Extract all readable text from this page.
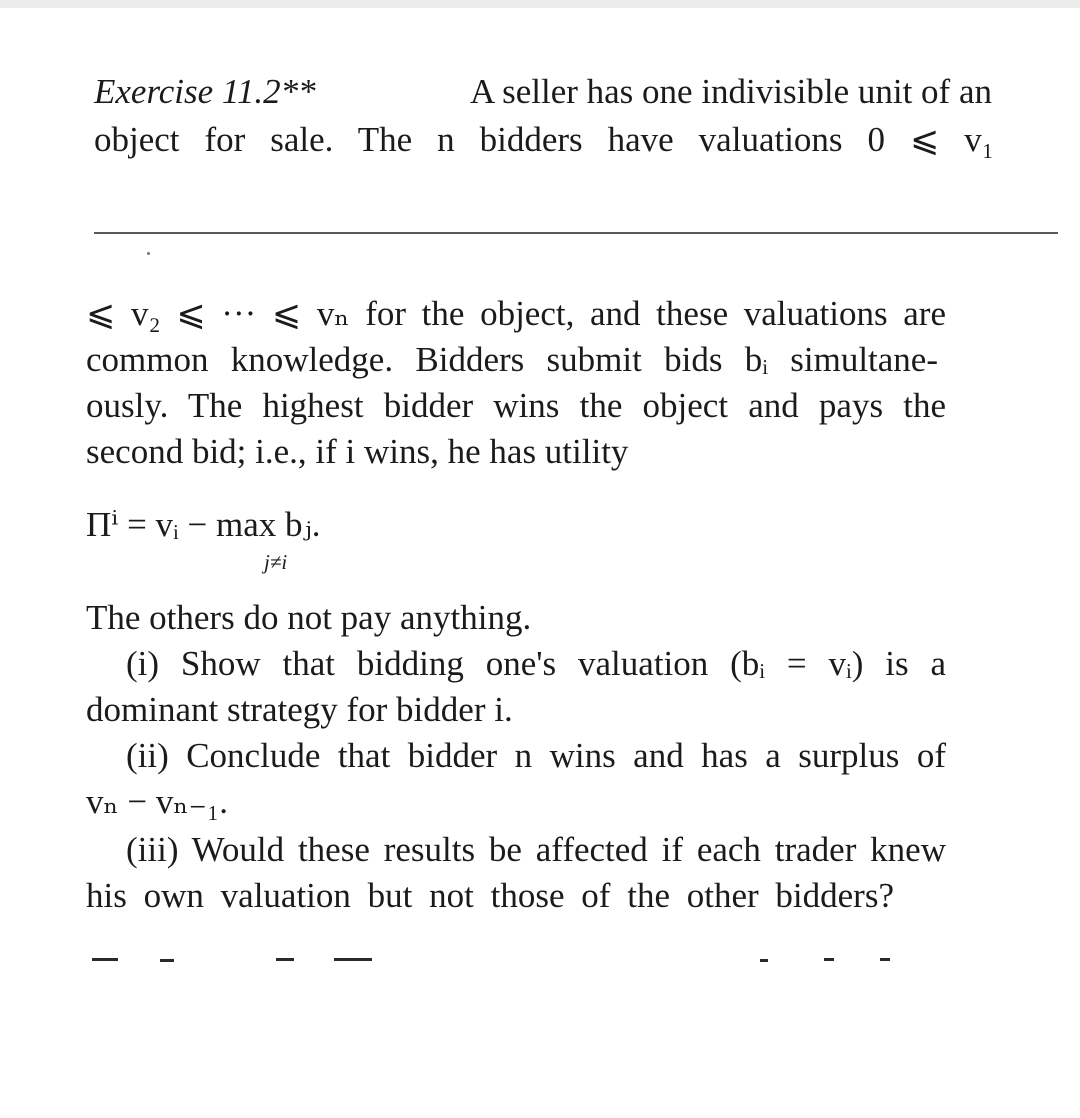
Exercise 11.2**	A seller has one indivisible unit of an
object for sale. The n bidders have valuations 0 ⩽ v₁
⩽ v₂ ⩽ ··· ⩽ vₙ for the object, and these valuations are
common knowledge. Bidders submit bids bᵢ simultane-
ously. The highest bidder wins the object and pays the
second bid; i.e., if i wins, he has utility
Πⁱ = vᵢ − max bⱼ.
j≠i
The others do not pay anything.
(i) Show that bidding one's valuation (bᵢ = vᵢ) is a
dominant strategy for bidder i.
(ii) Conclude that bidder n wins and has a surplus of
vₙ − vₙ₋₁.
(iii) Would these results be affected if each trader knew
his own valuation but not those of the other bidders?
